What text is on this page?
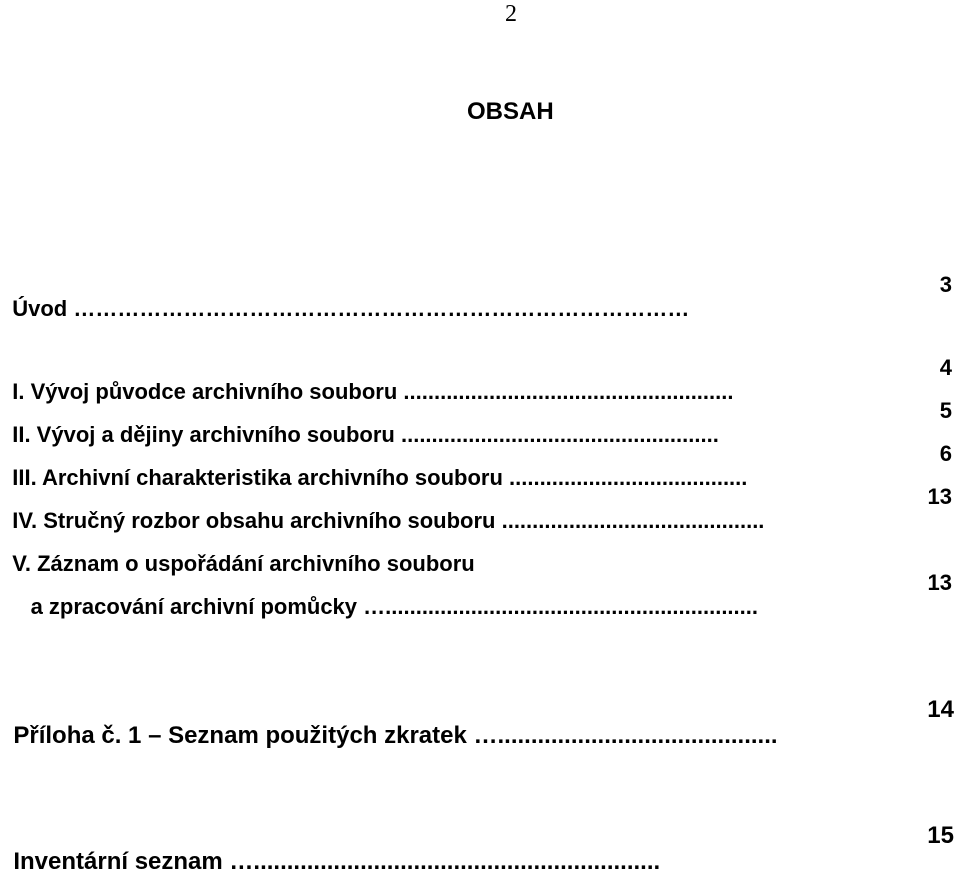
2
OBSAH

Úvod …………………………………………………………………………

3

I. Vývoj původce archivního souboru ......................................................

4

II. Vývoj a dějiny archivního souboru ....................................................

5

III. Archivní charakteristika archivního souboru .......................................

6

IV. Stručný rozbor obsahu archivního souboru ...........................................

13

V. Záznam o uspořádání archivního souboru

a zpracování archivní pomůcky ….............................................................

13

Příloha č. 1 – Seznam použitých zkratek …..........................................

14

Inventární seznam ….............................................................

15
